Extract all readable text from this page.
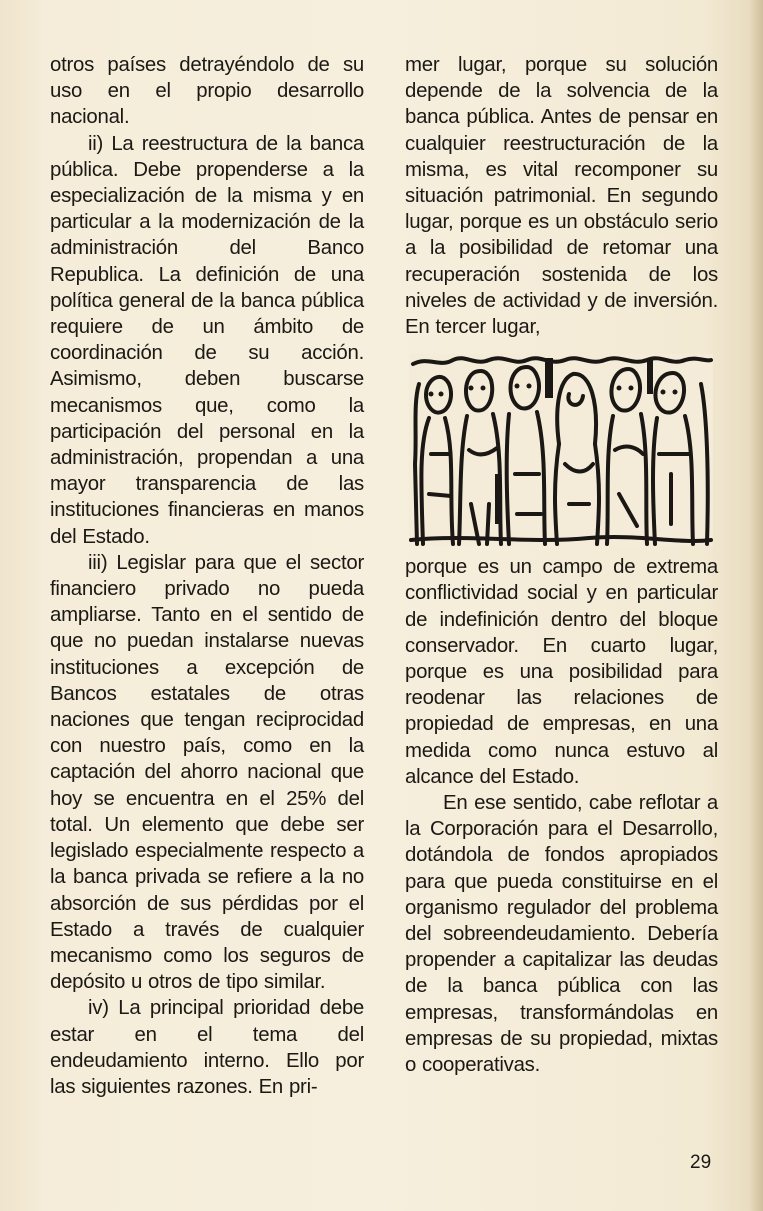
otros países detrayéndolo de su uso en el propio desarrollo nacional.

ii) La reestructura de la banca pública. Debe propenderse a la especialización de la misma y en particular a la modernización de la administración del Banco Republica. La definición de una política general de la banca pública requiere de un ámbito de coordinación de su acción. Asimismo, deben buscarse mecanismos que, como la participación del personal en la administración, propendan a una mayor transparencia de las instituciones financieras en manos del Estado.

iii) Legislar para que el sector financiero privado no pueda ampliarse. Tanto en el sentido de que no puedan instalarse nuevas instituciones a excepción de Bancos estatales de otras naciones que tengan reciprocidad con nuestro país, como en la captación del ahorro nacional que hoy se encuentra en el 25% del total. Un elemento que debe ser legislado especialmente respecto a la banca privada se refiere a la no absorción de sus pérdidas por el Estado a través de cualquier mecanismo como los seguros de depósito u otros de tipo similar.

iv) La principal prioridad debe estar en el tema del endeudamiento interno. Ello por las siguientes razones. En pri-

mer lugar, porque su solución depende de la solvencia de la banca pública. Antes de pensar en cualquier reestructuración de la misma, es vital recomponer su situación patrimonial. En segundo lugar, porque es un obstáculo serio a la posibilidad de retomar una recuperación sostenida de los niveles de actividad y de inversión. En tercer lugar,

porque es un campo de extrema conflictividad social y en particular de indefinición dentro del bloque conservador. En cuarto lugar, porque es una posibilidad para reodenar las relaciones de propiedad de empresas, en una medida como nunca estuvo al alcance del Estado.

En ese sentido, cabe reflotar a la Corporación para el Desarrollo, dotándola de fondos apropiados para que pueda constituirse en el organismo regulador del problema del sobreendeudamiento. Debería propender a capitalizar las deudas de la banca pública con las empresas, transformándolas en empresas de su propiedad, mixtas o cooperativas.

29
